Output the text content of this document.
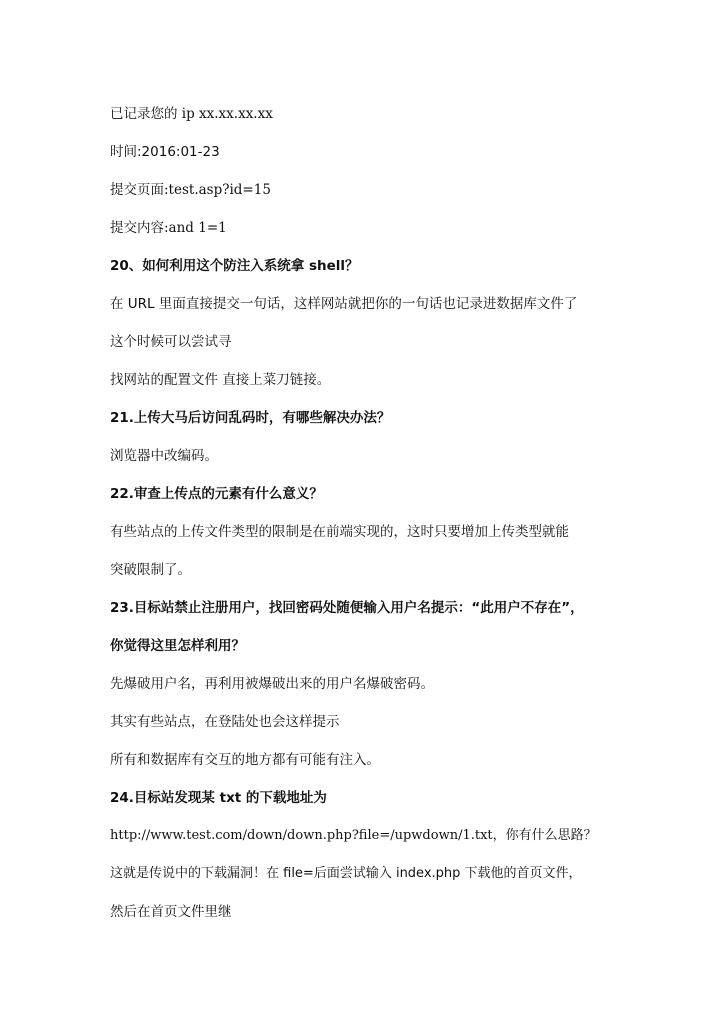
已记录您的 ip xx.xx.xx.xx
时间:2016:01-23
提交页面:test.asp?id=15
提交内容:and 1=1
20、如何利用这个防注入系统拿 shell？
在 URL 里面直接提交一句话，这样网站就把你的一句话也记录进数据库文件了
这个时候可以尝试寻
找网站的配置文件 直接上菜刀链接。
21.上传大马后访问乱码时，有哪些解决办法？
浏览器中改编码。
22.审查上传点的元素有什么意义？
有些站点的上传文件类型的限制是在前端实现的，这时只要增加上传类型就能
突破限制了。
23.目标站禁止注册用户，找回密码处随便输入用户名提示：“此用户不存在”，
你觉得这里怎样利用？
先爆破用户名，再利用被爆破出来的用户名爆破密码。
其实有些站点，在登陆处也会这样提示
所有和数据库有交互的地方都有可能有注入。
24.目标站发现某 txt 的下载地址为
http://www.test.com/down/down.php?file=/upwdown/1.txt，你有什么思路？
这就是传说中的下载漏洞！在 file=后面尝试输入 index.php 下载他的首页文件，
然后在首页文件里继
